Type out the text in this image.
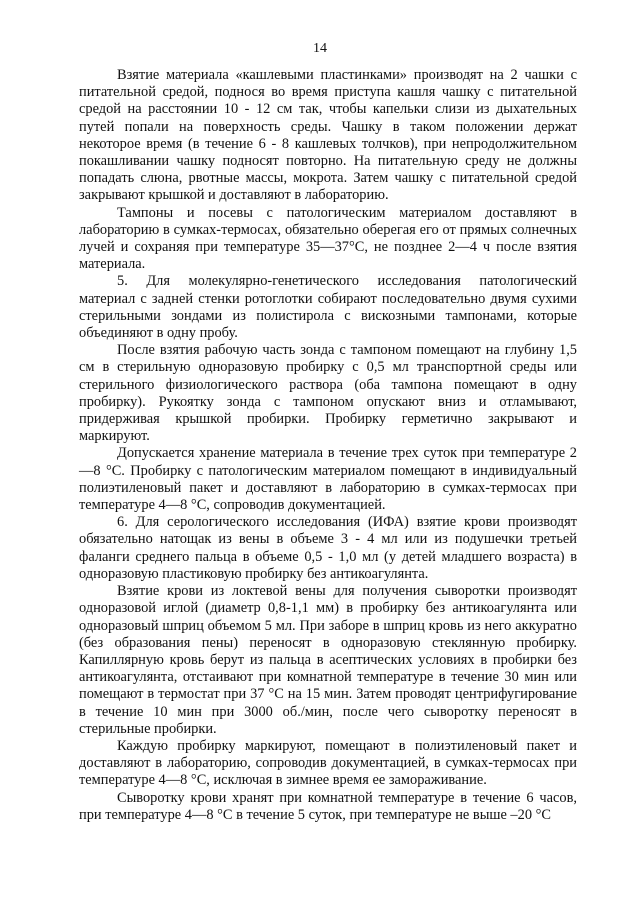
14

Взятие материала «кашлевыми пластинками» производят на 2 чашки с питательной средой, поднося во время приступа кашля чашку с питательной средой на расстоянии 10 - 12 см так, чтобы капельки слизи из дыхательных путей попали на поверхность среды. Чашку в таком положении держат некоторое время (в течение 6 - 8 кашлевых толчков), при непродолжительном покашливании чашку подносят повторно. На питательную среду не должны попадать слюна, рвотные массы, мокрота. Затем чашку с питательной средой закрывают крышкой и доставляют в лабораторию.

Тампоны и посевы с патологическим материалом доставляют в лабораторию в сумках-термосах, обязательно оберегая его от прямых солнечных лучей и сохраняя при температуре 35—37°С, не позднее 2—4 ч после взятия материала.

5. Для молекулярно-генетического исследования патологический материал с задней стенки ротоглотки собирают последовательно двумя сухими стерильными зондами из полистирола с вискозными тампонами, которые объединяют в одну пробу.

После взятия рабочую часть зонда с тампоном помещают на глубину 1,5 см в стерильную одноразовую пробирку с 0,5 мл транспортной среды или стерильного физиологического раствора (оба тампона помещают в одну пробирку). Рукоятку зонда с тампоном опускают вниз и отламывают, придерживая крышкой пробирки. Пробирку герметично закрывают и маркируют.

Допускается хранение материала в течение трех суток при температуре 2—8 °С. Пробирку с патологическим материалом помещают в индивидуальный полиэтиленовый пакет и доставляют в лабораторию в сумках-термосах при температуре 4—8 °С, сопроводив документацией.

6. Для серологического исследования (ИФА) взятие крови производят обязательно натощак из вены в объеме 3 - 4 мл или из подушечки третьей фаланги среднего пальца в объеме 0,5 - 1,0 мл (у детей младшего возраста) в одноразовую пластиковую пробирку без антикоагулянта.

Взятие крови из локтевой вены для получения сыворотки производят одноразовой иглой (диаметр 0,8-1,1 мм) в пробирку без антикоагулянта или одноразовый шприц объемом 5 мл. При заборе в шприц кровь из него аккуратно (без образования пены) переносят в одноразовую стеклянную пробирку. Капиллярную кровь берут из пальца в асептических условиях в пробирки без антикоагулянта, отстаивают при комнатной температуре в течение 30 мин или помещают в термостат при 37 °С на 15 мин. Затем проводят центрифугирование в течение 10 мин при 3000 об./мин, после чего сыворотку переносят в стерильные пробирки.

Каждую пробирку маркируют, помещают в полиэтиленовый пакет и доставляют в лабораторию, сопроводив документацией, в сумках-термосах при температуре 4—8 °С, исключая в зимнее время ее замораживание.

Сыворотку крови хранят при комнатной температуре в течение 6 часов, при температуре 4—8 °С в течение 5 суток, при температуре не выше –20 °С
